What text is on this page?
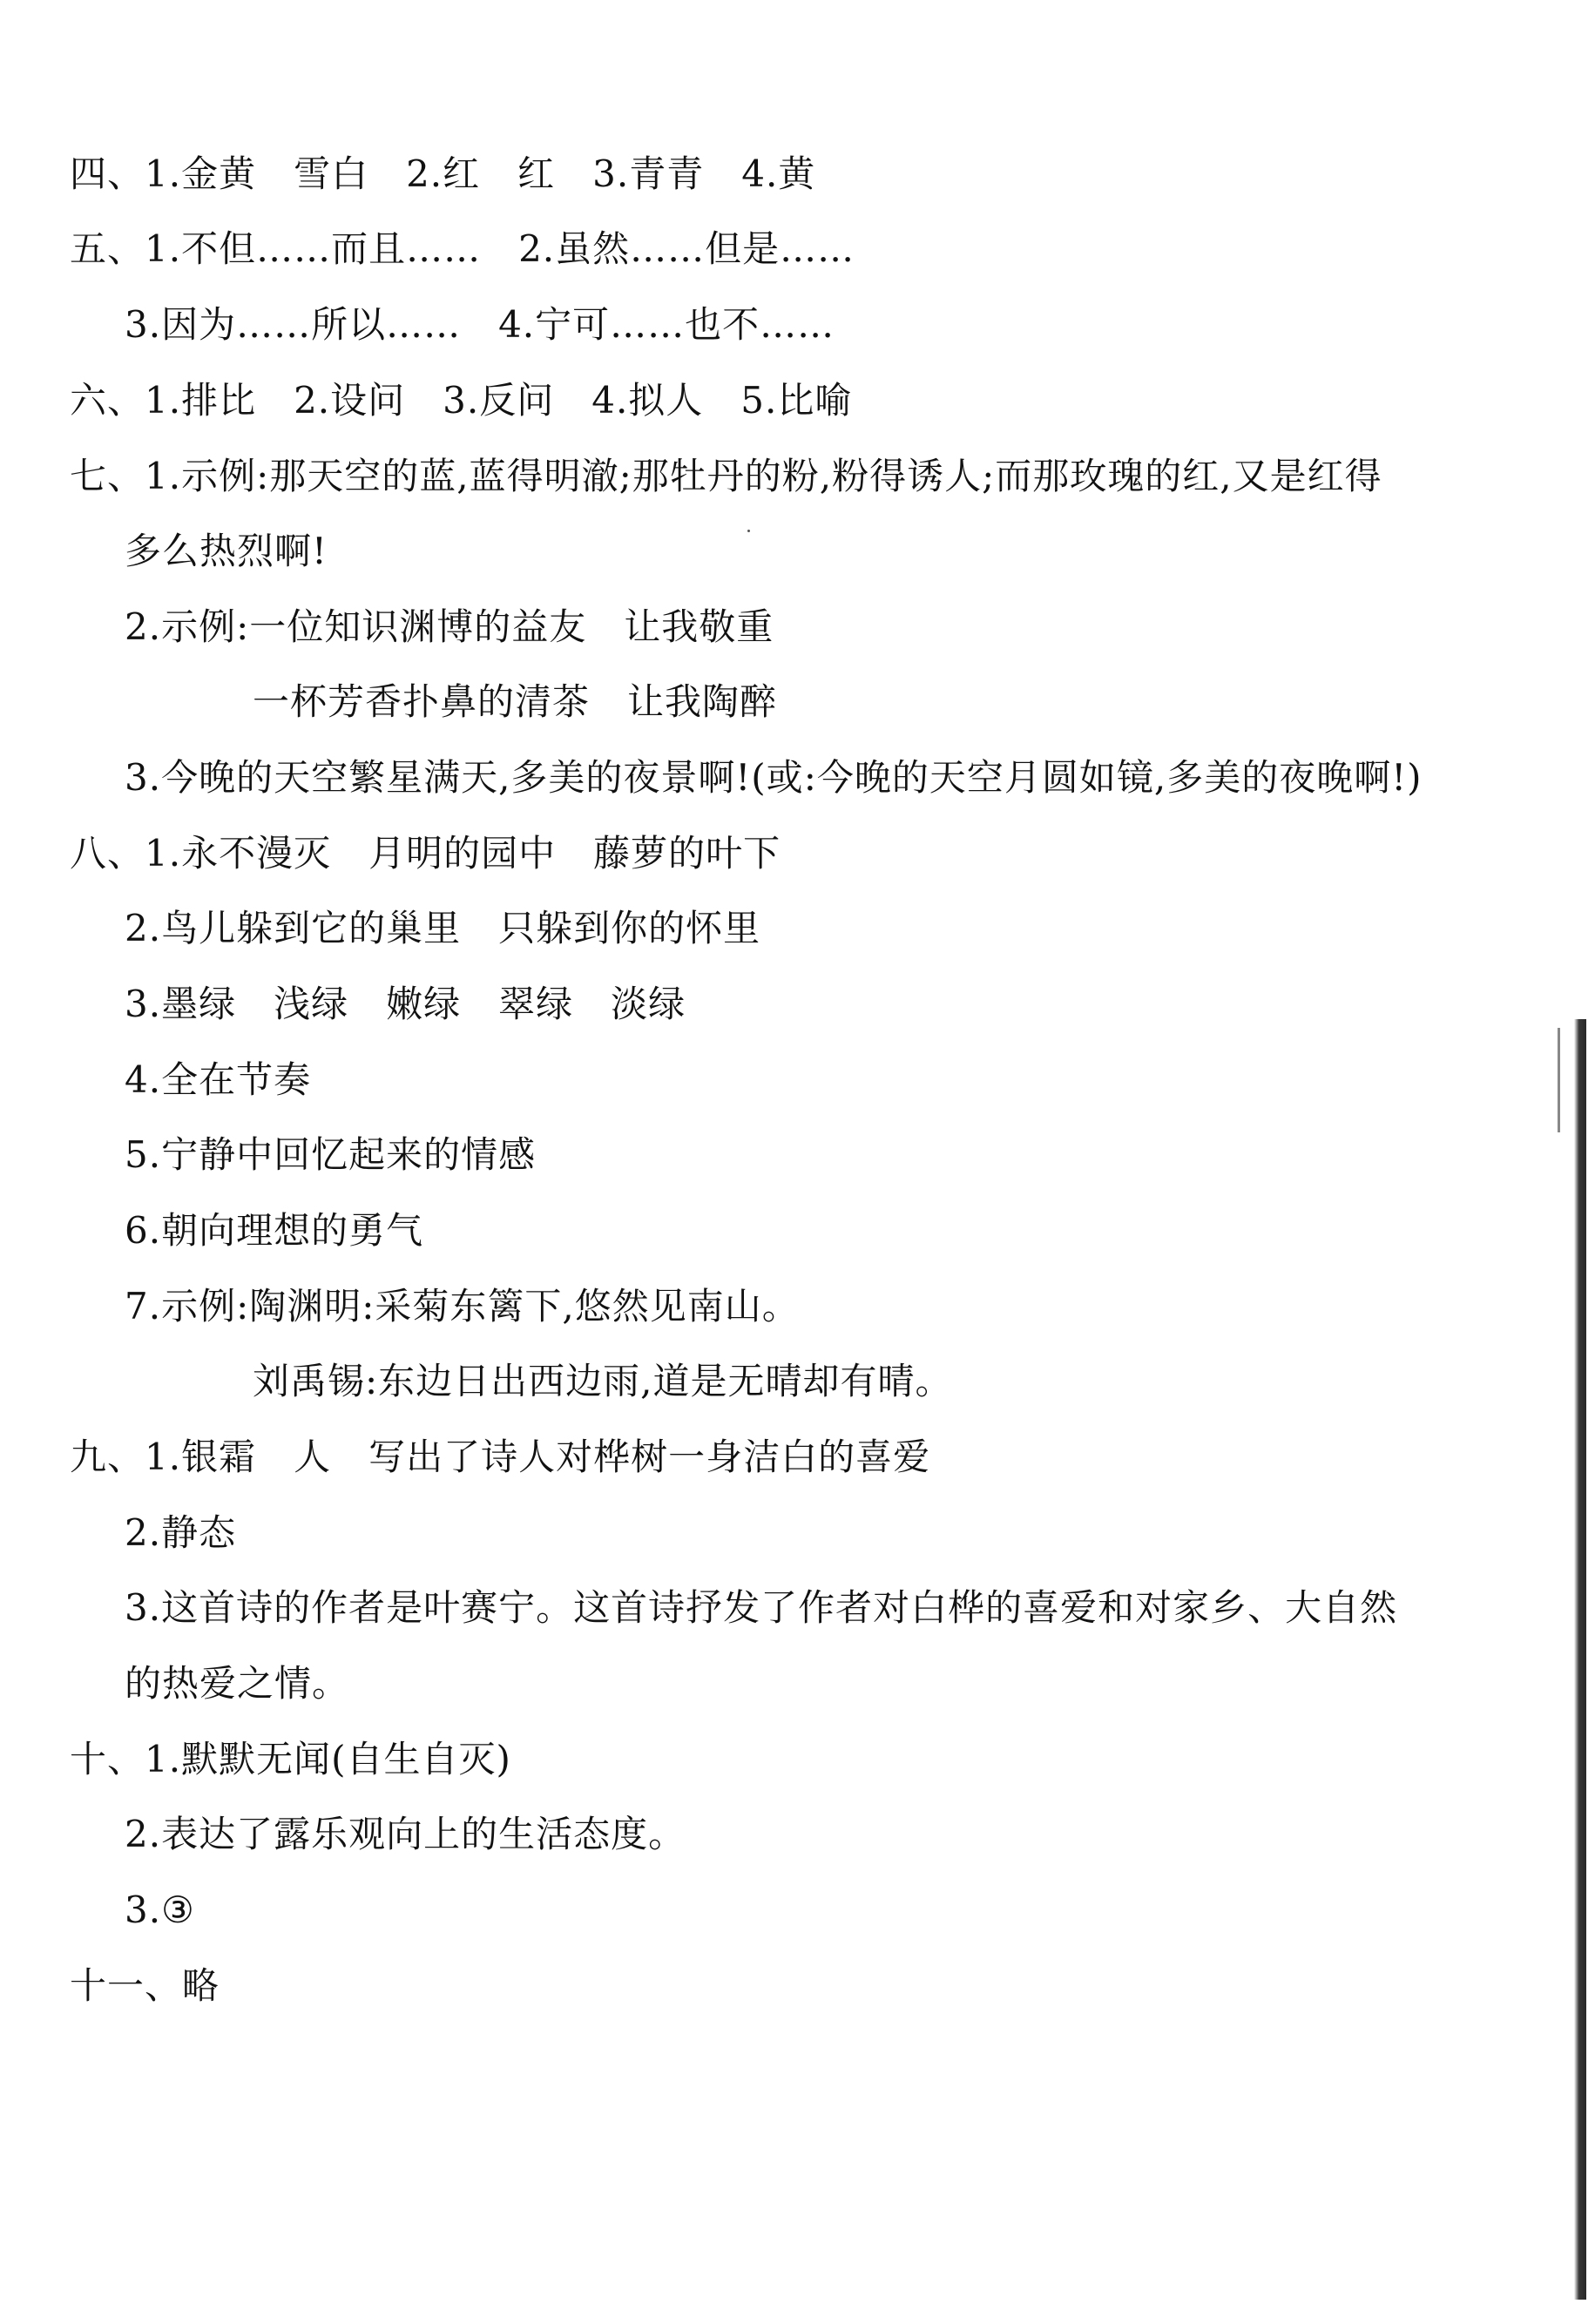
四、1.金黄　雪白　2.红　红　3.青青　4.黄
五、1.不但……而且……　2.虽然……但是……
3.因为……所以……　4.宁可……也不……
六、1.排比　2.设问　3.反问　4.拟人　5.比喻
七、1.示例:那天空的蓝,蓝得明澈;那牡丹的粉,粉得诱人;而那玫瑰的红,又是红得
多么热烈啊!
2.示例:一位知识渊博的益友　让我敬重
一杯芳香扑鼻的清茶　让我陶醉
3.今晚的天空繁星满天,多美的夜景啊!(或:今晚的天空月圆如镜,多美的夜晚啊!)
八、1.永不漫灭　月明的园中　藤萝的叶下
2.鸟儿躲到它的巢里　只躲到你的怀里
3.墨绿　浅绿　嫩绿　翠绿　淡绿
4.全在节奏
5.宁静中回忆起来的情感
6.朝向理想的勇气
7.示例:陶渊明:采菊东篱下,悠然见南山。
刘禹锡:东边日出西边雨,道是无晴却有晴。
九、1.银霜　人　写出了诗人对桦树一身洁白的喜爱
2.静态
3.这首诗的作者是叶赛宁。这首诗抒发了作者对白桦的喜爱和对家乡、大自然
的热爱之情。
十、1.默默无闻(自生自灭)
2.表达了露乐观向上的生活态度。
3.③
十一、略
